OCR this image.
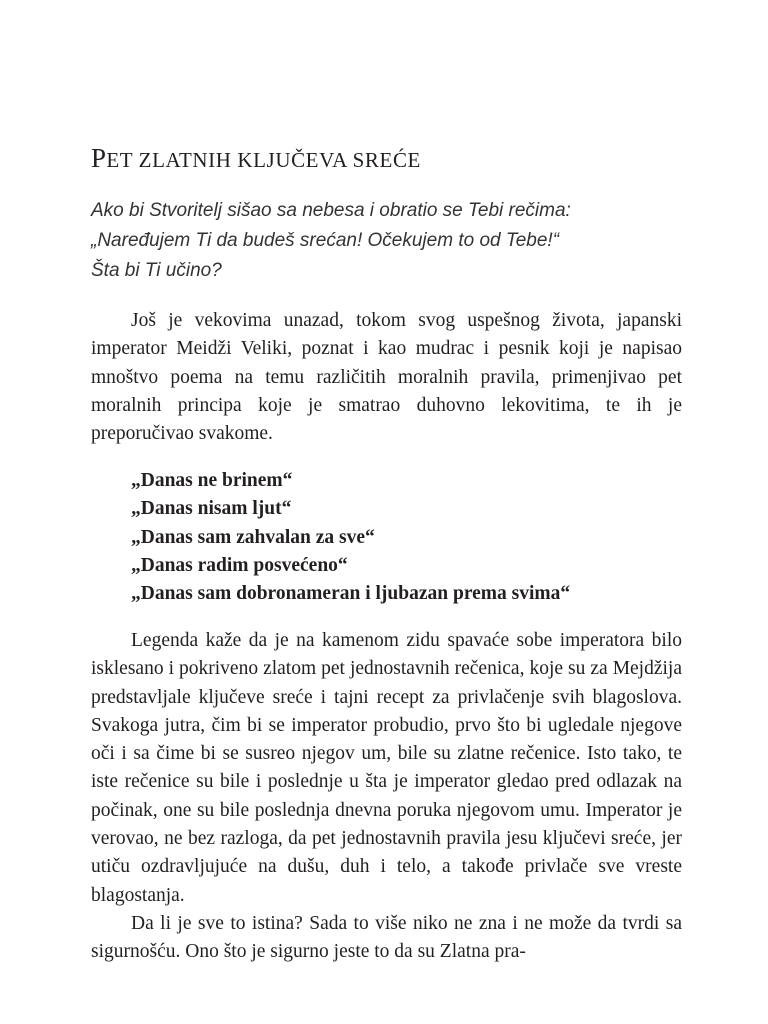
PET ZLATNIH KLJUČEVA SREĆE
Ako bi Stvoritelj sišao sa nebesa i obratio se Tebi rečima:
„Naređujem Ti da budeš srećan! Očekujem to od Tebe!“
Šta bi Ti učino?

Još je vekovima unazad, tokom svog uspešnog života, japanski imperator Meidži Veliki, poznat i kao mudrac i pesnik koji je napisao mnoštvo poema na temu različitih moralnih pravila, primenjivao pet moralnih principa koje je smatrao duhovno lekovitima, te ih je preporučivao svakome.

„Danas ne brinem“
„Danas nisam ljut“
„Danas sam zahvalan za sve“
„Danas radim posvećeno“
„Danas sam dobronameran i ljubazan prema svima“

Legenda kaže da je na kamenom zidu spavaće sobe imperatora bilo isklesano i pokriveno zlatom pet jednostavnih rečenica, koje su za Mejdžija predstavljale ključeve sreće i tajni recept za privlačenje svih blagoslova. Svakoga jutra, čim bi se imperator probudio, prvo što bi ugledale njegove oči i sa čime bi se susreo njegov um, bile su zlatne rečenice. Isto tako, te iste rečenice su bile i poslednje u šta je imperator gledao pred odlazak na počinak, one su bile poslednja dnevna poruka njegovom umu. Imperator je verovao, ne bez razloga, da pet jednostavnih pravila jesu ključevi sreće, jer utiču ozdravljujuće na dušu, duh i telo, a takođe privlače sve vreste blagostanja.

Da li je sve to istina? Sada to više niko ne zna i ne može da tvrdi sa sigurnošću. Ono što je sigurno jeste to da su Zlatna pra-
